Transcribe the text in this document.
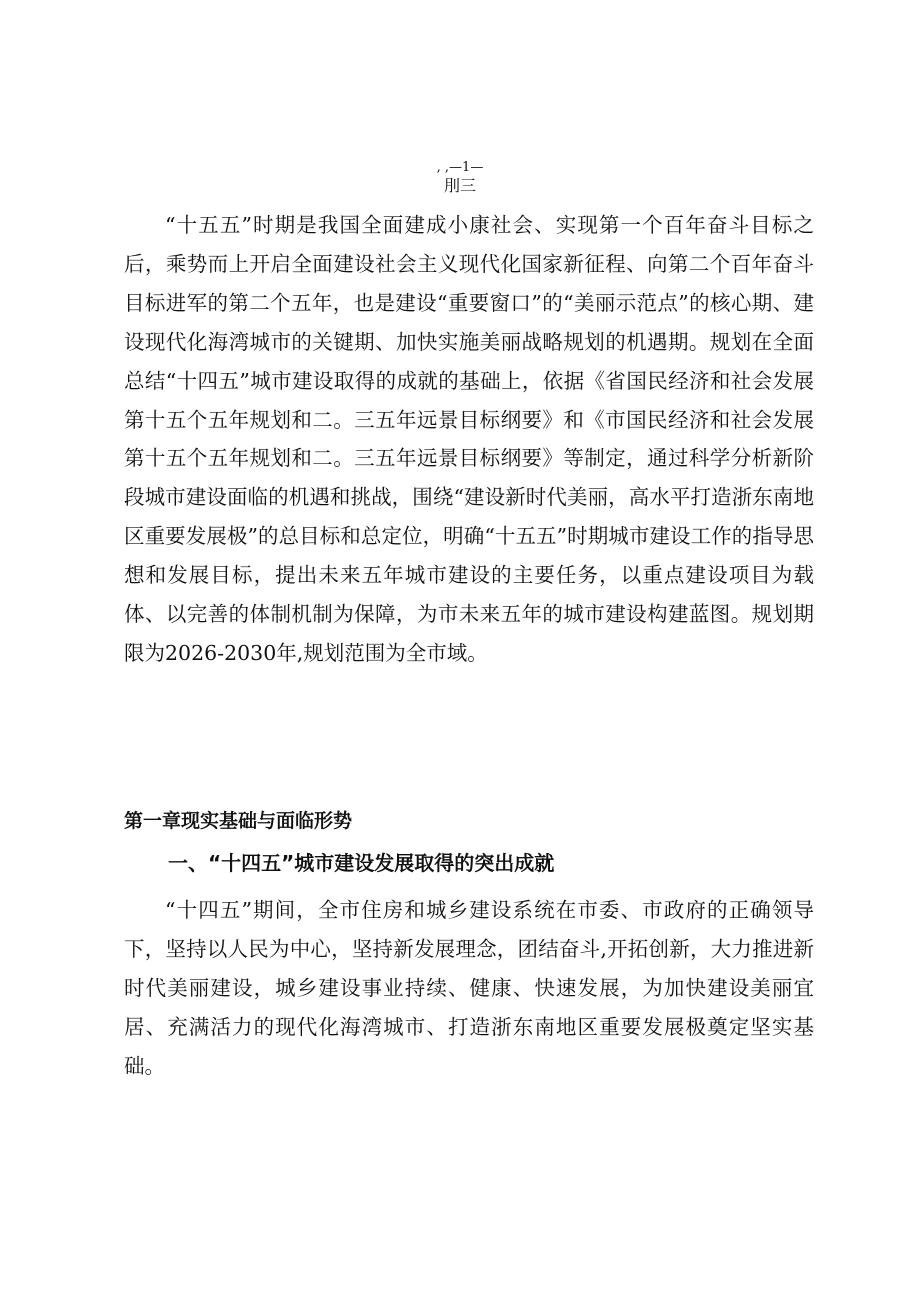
, ,—1—
刖三

“十五五”时期是我国全面建成小康社会、实现第一个百年奋斗目标之后，乘势而上开启全面建设社会主义现代化国家新征程、向第二个百年奋斗目标进军的第二个五年，也是建设“重要窗口”的“美丽示范点”的核心期、建设现代化海湾城市的关键期、加快实施美丽战略规划的机遇期。规划在全面总结“十四五”城市建设取得的成就的基础上，依据《省国民经济和社会发展第十五个五年规划和二。三五年远景目标纲要》和《市国民经济和社会发展第十五个五年规划和二。三五年远景目标纲要》等制定，通过科学分析新阶段城市建设面临的机遇和挑战，围绕“建设新时代美丽，高水平打造浙东南地区重要发展极”的总目标和总定位，明确“十五五”时期城市建设工作的指导思想和发展目标，提出未来五年城市建设的主要任务，以重点建设项目为载体、以完善的体制机制为保障，为市未来五年的城市建设构建蓝图。规划期限为2026-2030年,规划范围为全市域。

第一章现实基础与面临形势
一、“十四五”城市建设发展取得的突出成就

“十四五”期间，全市住房和城乡建设系统在市委、市政府的正确领导下，坚持以人民为中心，坚持新发展理念，团结奋斗,开拓创新，大力推进新时代美丽建设，城乡建设事业持续、健康、快速发展，为加快建设美丽宜居、充满活力的现代化海湾城市、打造浙东南地区重要发展极奠定坚实基础。
